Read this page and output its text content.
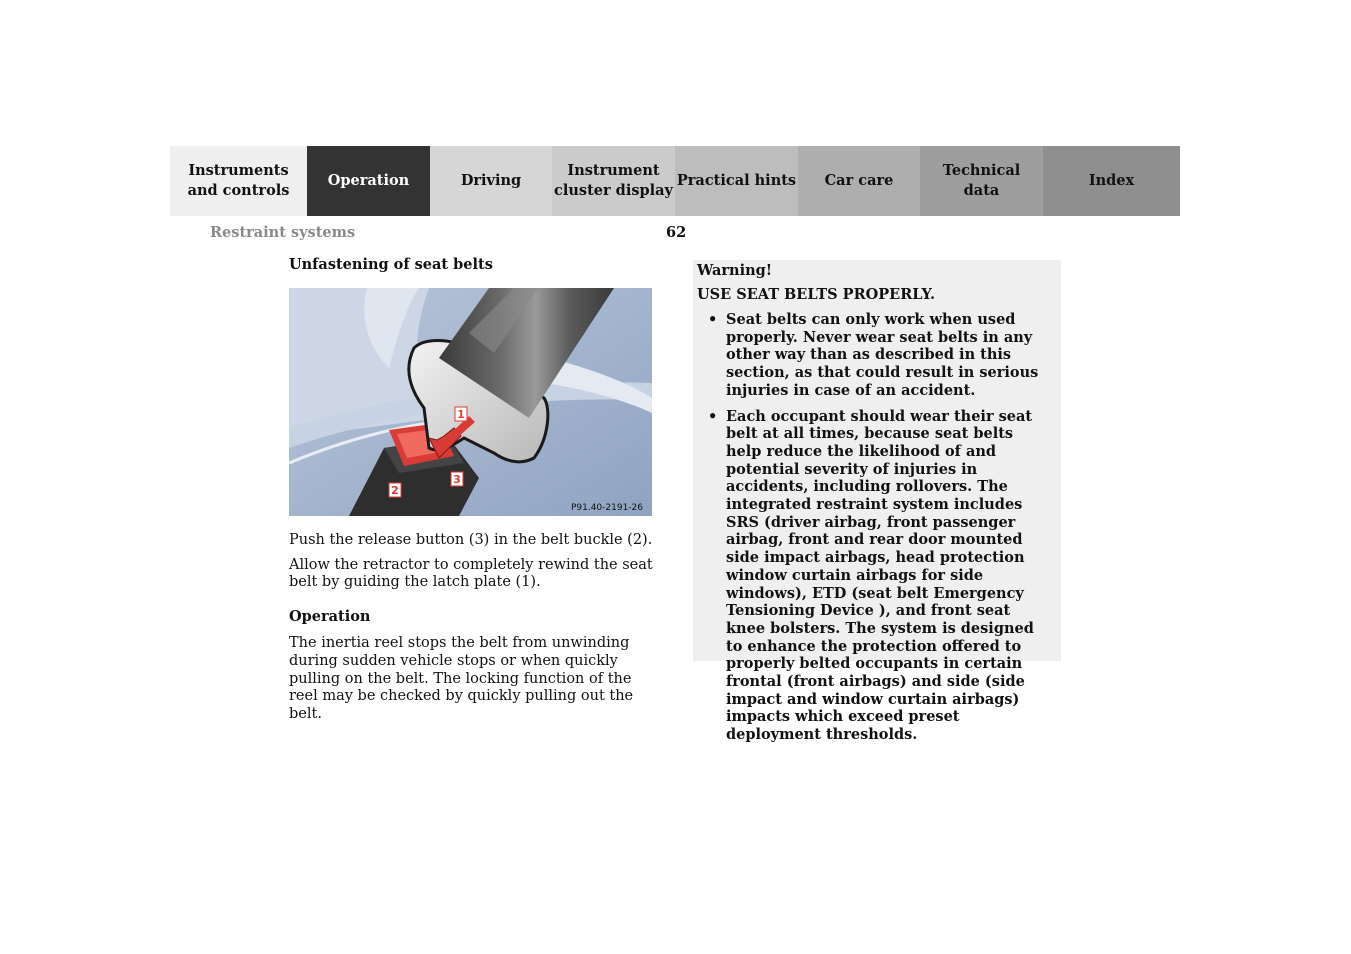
Instruments
and controls
Operation	Driving
Instrument
cluster display
Practical hints	Car care
Technical
data
Index
Restraint systems	62

Unfastening of seat belts

1
3
2
P91.40-2191-26

Push the release button (3) in the belt buckle (2).

Allow the retractor to completely rewind the seat belt by guiding the latch plate (1).

Operation

The inertia reel stops the belt from unwinding during sudden vehicle stops or when quickly pulling on the belt. The locking function of the reel may be checked by quickly pulling out the belt.

Warning!

USE SEAT BELTS PROPERLY.

• Seat belts can only work when used properly. Never wear seat belts in any other way than as described in this section, as that could result in serious injuries in case of an accident.
• Each occupant should wear their seat belt at all times, because seat belts help reduce the likelihood of and potential severity of injuries in accidents, including rollovers. The integrated restraint system includes SRS (driver airbag, front passenger airbag, front and rear door mounted side impact airbags, head protection window curtain airbags for side windows), ETD (seat belt Emergency Tensioning Device ), and front seat knee bolsters. The system is designed to enhance the protection offered to properly belted occupants in certain frontal (front airbags) and side (side impact and window curtain airbags) impacts which exceed preset deployment thresholds.
